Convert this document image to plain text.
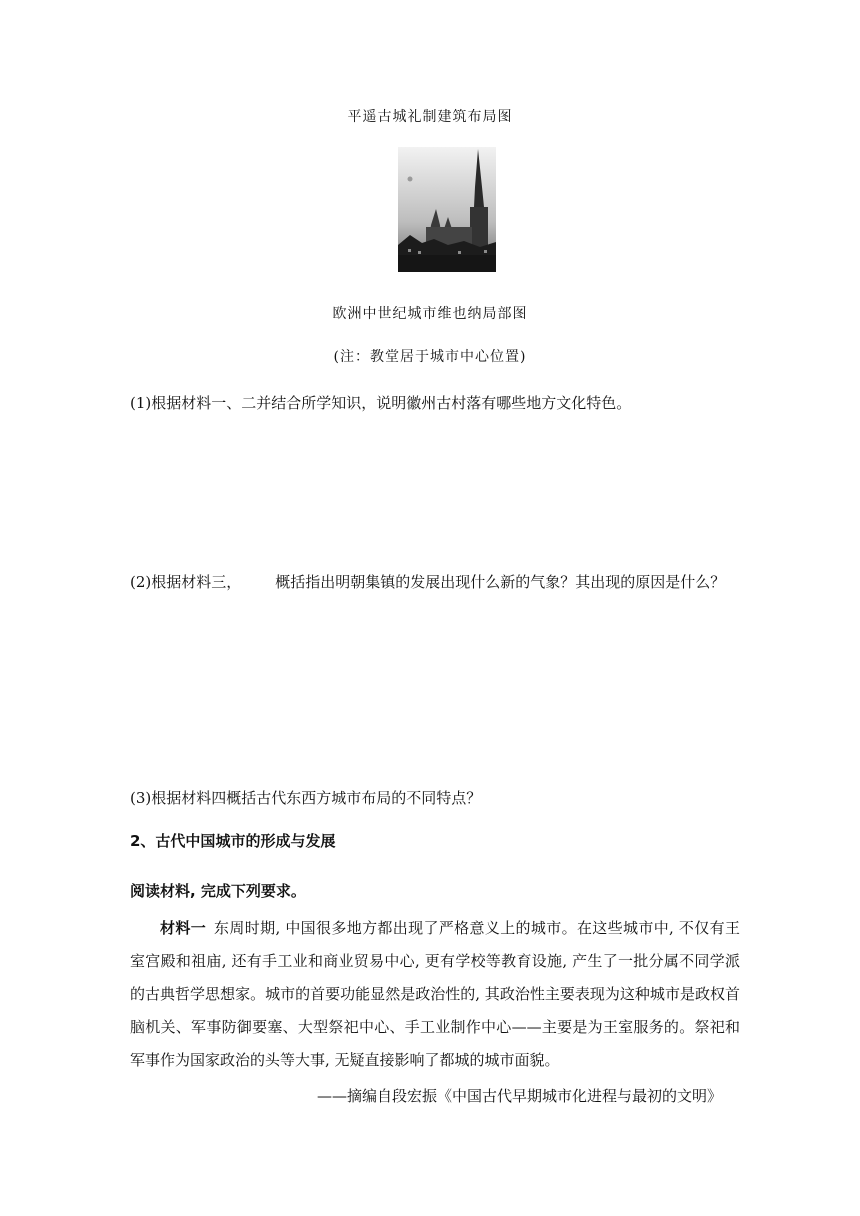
平遥古城礼制建筑布局图
欧洲中世纪城市维也纳局部图
(注：教堂居于城市中心位置)
(1)根据材料一、二并结合所学知识，说明徽州古村落有哪些地方文化特色。
(2)根据材料三， 概括指出明朝集镇的发展出现什么新的气象？其出现的原因是什么？
(3)根据材料四概括古代东西方城市布局的不同特点？
2、古代中国城市的形成与发展
阅读材料, 完成下列要求。
材料一 东周时期, 中国很多地方都出现了严格意义上的城市。在这些城市中, 不仅有王室宫殿和祖庙, 还有手工业和商业贸易中心, 更有学校等教育设施, 产生了一批分属不同学派的古典哲学思想家。城市的首要功能显然是政治性的, 其政治性主要表现为这种城市是政权首脑机关、军事防御要塞、大型祭祀中心、手工业制作中心——主要是为王室服务的。祭祀和军事作为国家政治的头等大事, 无疑直接影响了都城的城市面貌。
——摘编自段宏振《中国古代早期城市化进程与最初的文明》
